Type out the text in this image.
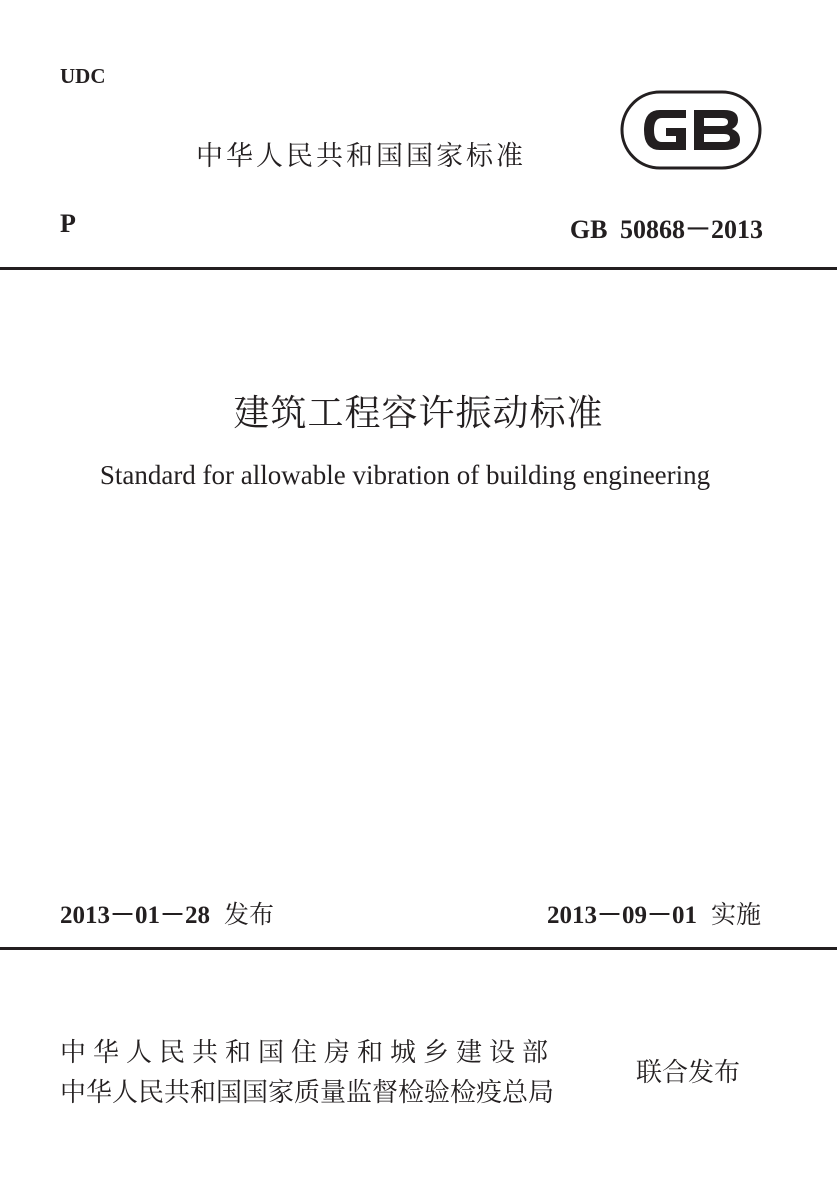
UDC
中华人民共和国国家标准
GB
P	GB 50868－2013
建筑工程容许振动标准
Standard for allowable vibration of building engineering
2013－01－28 发布	2013－09－01 实施
中华人民共和国住房和城乡建设部
中华人民共和国国家质量监督检验检疫总局
联合发布
